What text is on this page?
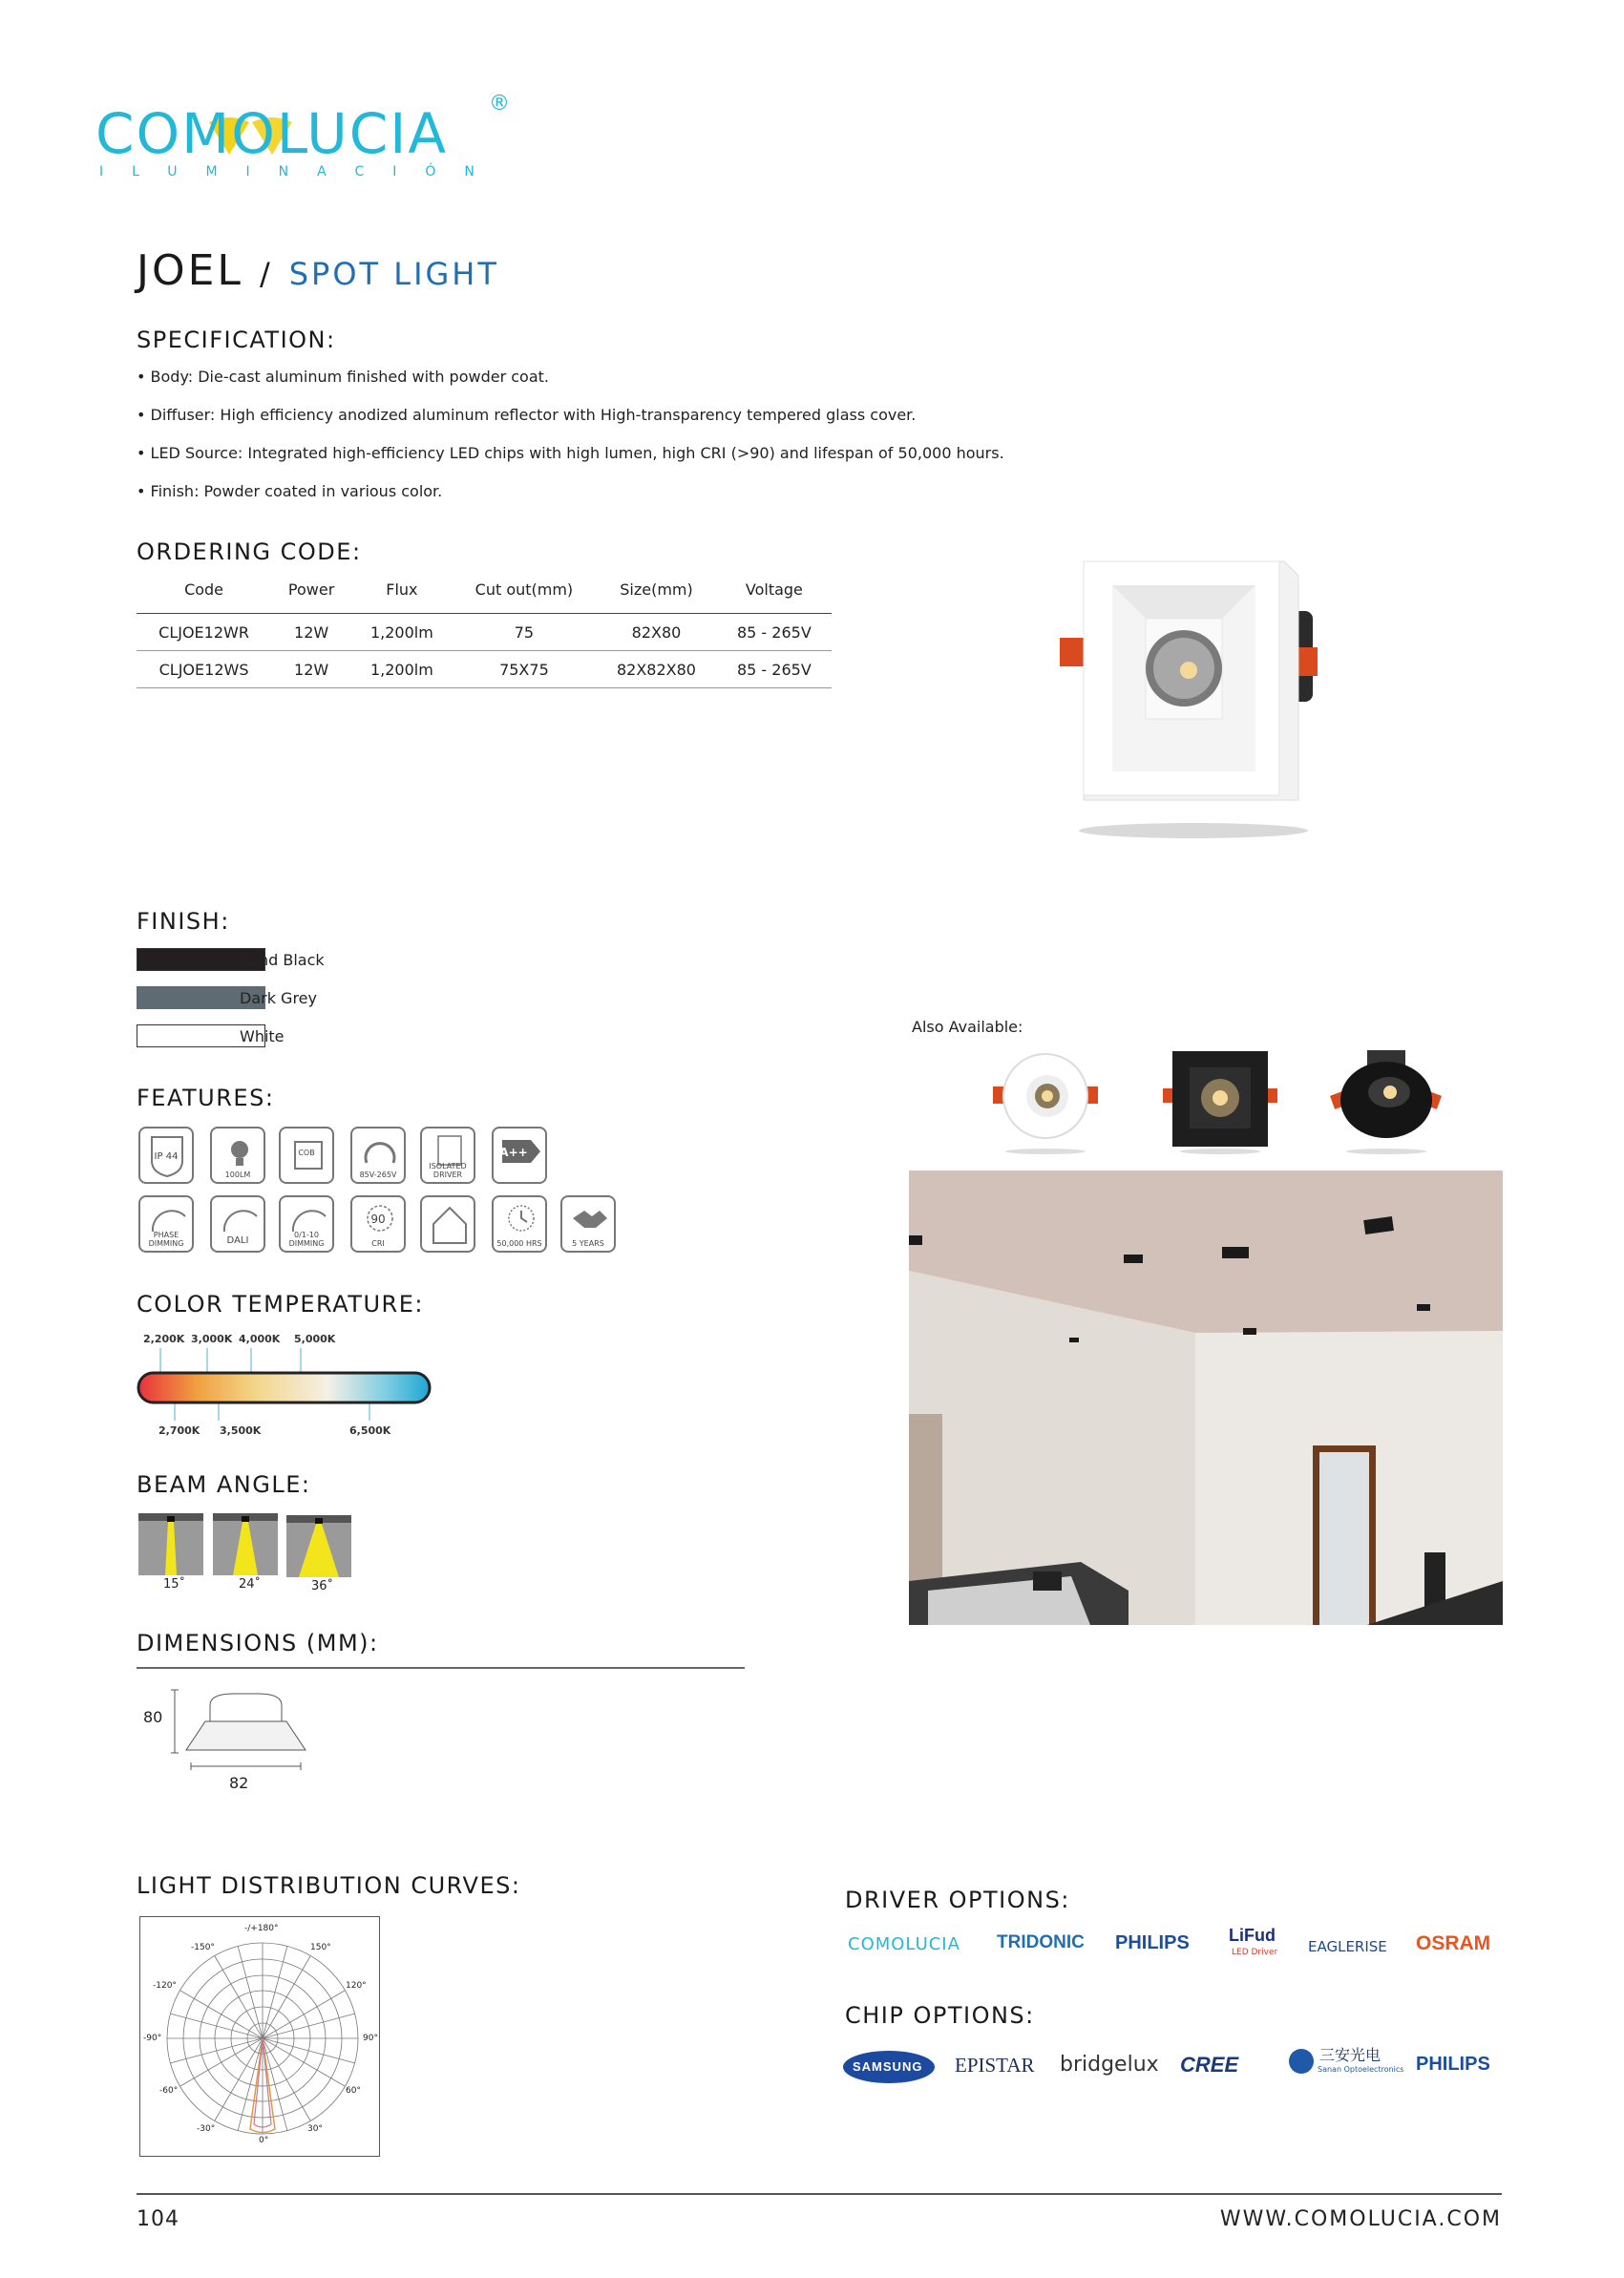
COMOLUCIA ®
ILUMINACIÓN
JOEL / SPOT LIGHT
SPECIFICATION:
• Body: Die-cast aluminum finished with powder coat.
• Diffuser: High efficiency anodized aluminum reflector with High-transparency tempered glass cover.
• LED Source: Integrated high-efficiency LED chips with high lumen, high CRI (>90) and lifespan of 50,000 hours.
• Finish: Powder coated in various color.
ORDERING CODE:
Code	Power	Flux	Cut out(mm)	Size(mm)	Voltage
CLJOE12WR	12W	1,200lm	75	82X80	85 - 265V
CLJOE12WS	12W	1,200lm	75X75	82X82X80	85 - 265V
FINISH:
Sand Black
Dark Grey
White
Also Available:
FEATURES:
IP 44
100LM
COB
85V-265V
ISOLATED DRIVER
A++
PHASE DIMMING	DALI
0/1-10 DIMMING
90
CRI	50,000 HRS	5 YEARS
COLOR TEMPERATURE:
2,200K 3,000K 4,000K 5,000K
2,700K 3,500K	6,500K
BEAM ANGLE:
15˚	24˚	36˚
DIMENSIONS (MM):
80
82
LIGHT DISTRIBUTION CURVES:
-/+180°
-150°	150°
-120°	120°
-90°	90°
-60°	60°
-30°	30°
0°
DRIVER OPTIONS:
COMOLUCIA TRIDONIC PHILIPS LiFud
LED Driver EAGLERISE OSRAM
CHIP OPTIONS:
SAMSUNG EPISTAR bridgelux CREE	三安光电
Sanan Optoelectronics PHILIPS
104	WWW.COMOLUCIA.COM
